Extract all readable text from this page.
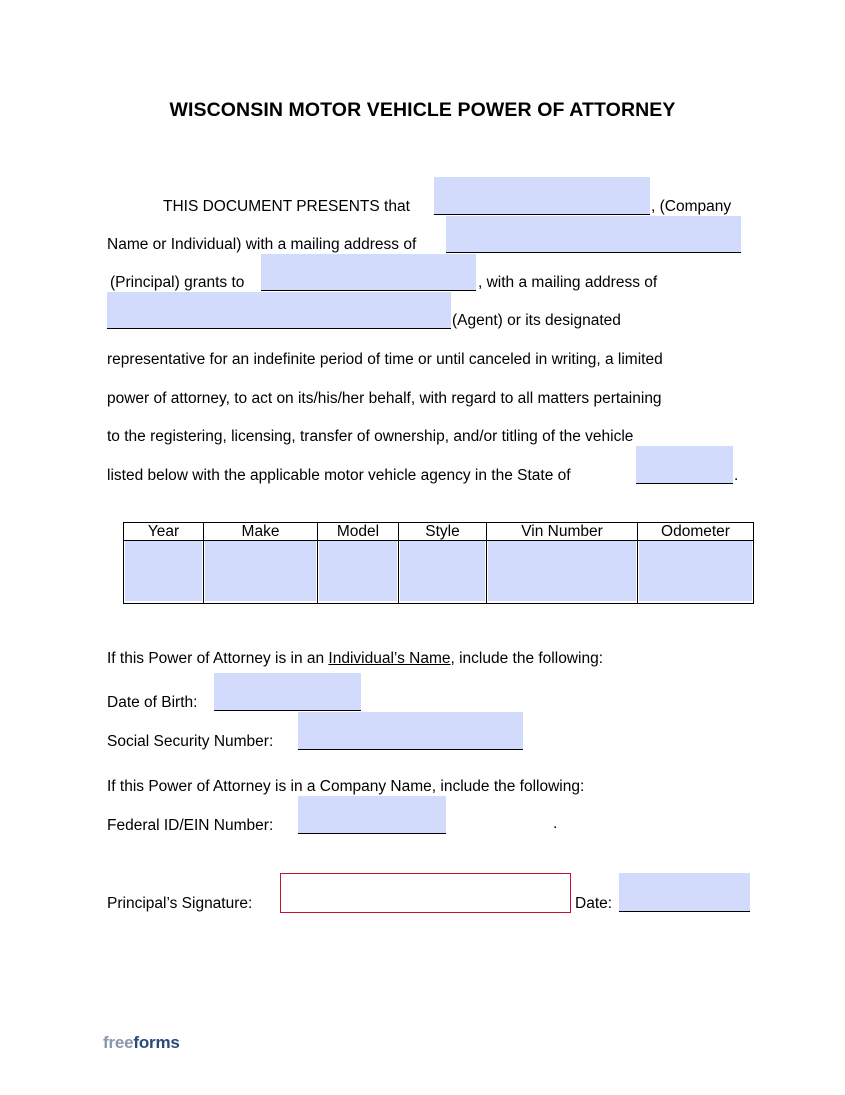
WISCONSIN MOTOR VEHICLE POWER OF ATTORNEY
THIS DOCUMENT PRESENTS that	, (Company
Name or Individual) with a mailing address of
(Principal) grants to	, with a mailing address of
(Agent) or its designated
representative for an indefinite period of time or until canceled in writing, a limited
power of attorney, to act on its/his/her behalf, with regard to all matters pertaining
to the registering, licensing, transfer of ownership, and/or titling of the vehicle
listed below with the applicable motor vehicle agency in the State of	.
Year	Make	Model	Style	Vin Number	Odometer

If this Power of Attorney is in an Individual’s Name, include the following:
Date of Birth:
Social Security Number:
If this Power of Attorney is in a Company Name, include the following:
Federal ID/EIN Number:	.
Principal’s Signature:	Date:
freeforms
